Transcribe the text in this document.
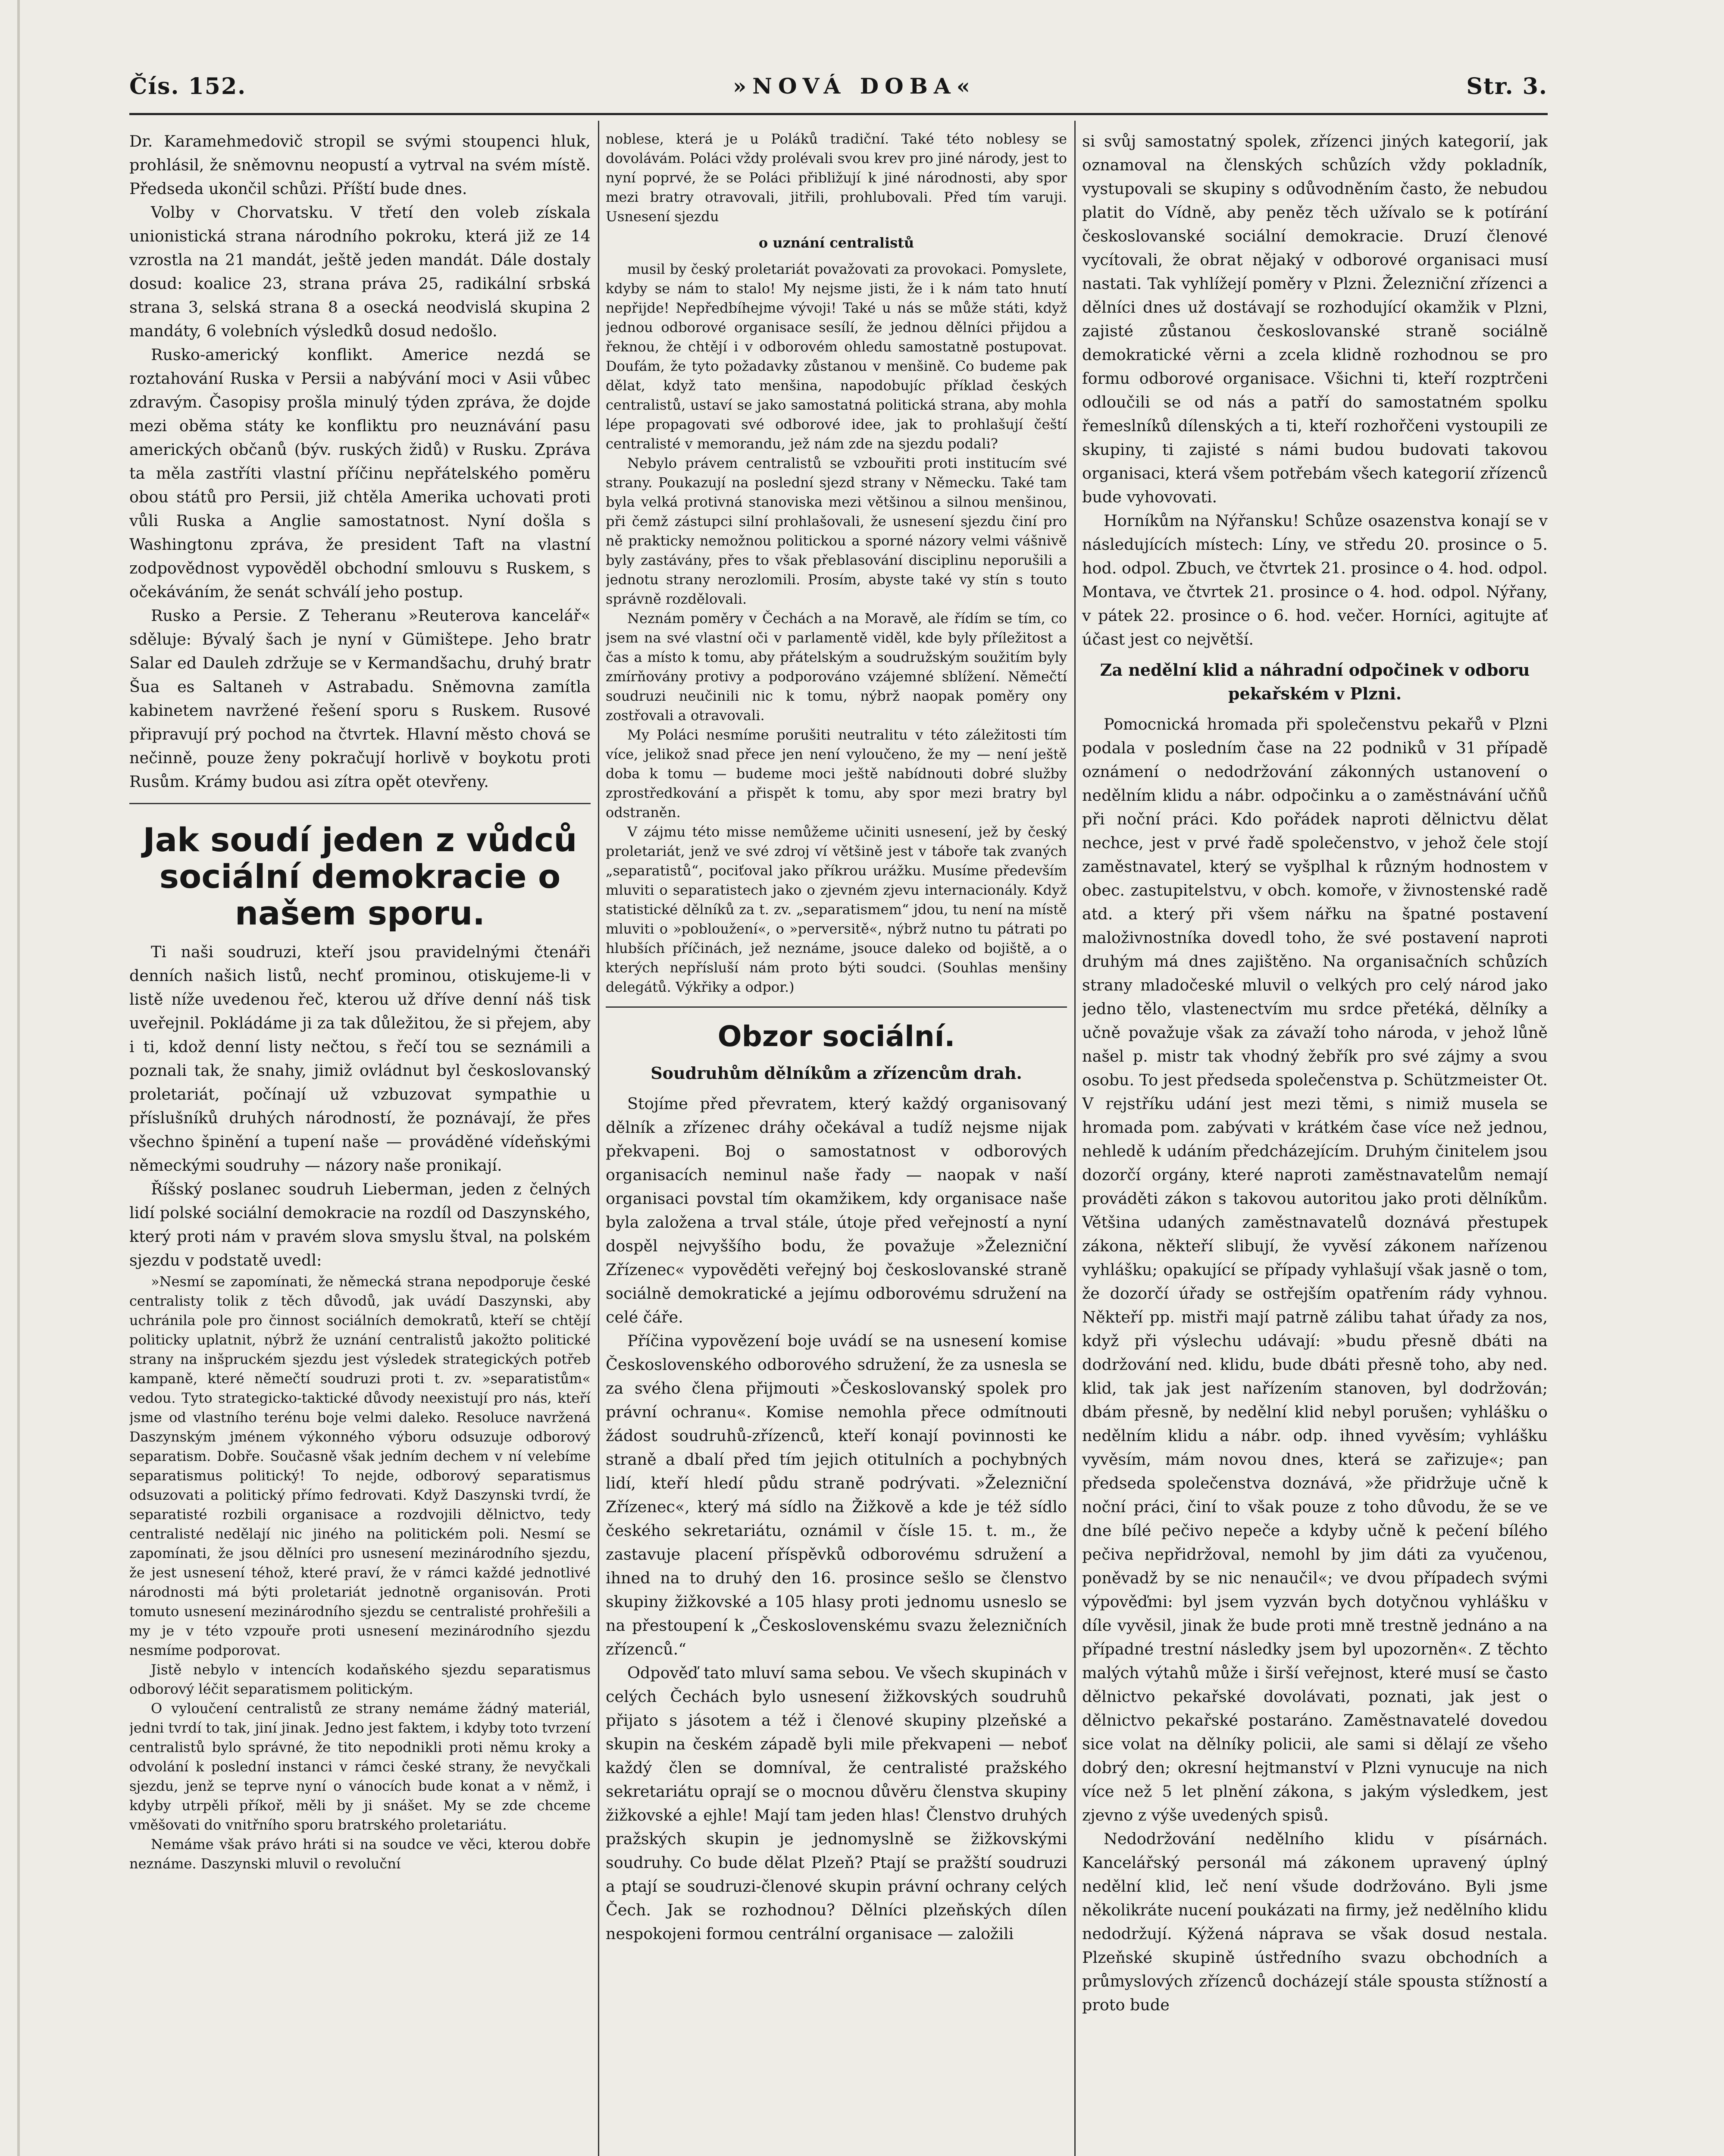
Čís. 152.	»NOVÁ DOBA«	Str. 3.

Dr. Karamehmedovič stropil se svými stoupenci hluk, prohlásil, že sněmovnu neopustí a vytrval na svém místě. Předseda ukončil schůzi. Příští bude dnes.

Volby v Chorvatsku. V třetí den voleb získala unionistická strana národního pokroku, která již ze 14 vzrostla na 21 mandát, ještě jeden mandát. Dále dostaly dosud: koalice 23, strana práva 25, radikální srbská strana 3, selská strana 8 a osecká neodvislá skupina 2 mandáty, 6 volebních výsledků dosud nedošlo.

Rusko-americký konflikt. Americe nezdá se roztahování Ruska v Persii a nabývání moci v Asii vůbec zdravým. Časopisy prošla minulý týden zpráva, že dojde mezi oběma státy ke konfliktu pro neuznávání pasu amerických občanů (býv. ruských židů) v Rusku. Zpráva ta měla zastříti vlastní příčinu nepřátelského poměru obou států pro Persii, již chtěla Amerika uchovati proti vůli Ruska a Anglie samostatnost. Nyní došla s Washingtonu zpráva, že president Taft na vlastní zodpovědnost vypověděl obchodní smlouvu s Ruskem, s očekáváním, že senát schválí jeho postup.

Rusko a Persie. Z Teheranu »Reuterova kancelář« sděluje: Bývalý šach je nyní v Gümištepe. Jeho bratr Salar ed Dauleh zdržuje se v Kermandšachu, druhý bratr Šua es Saltaneh v Astrabadu. Sněmovna zamítla kabinetem navržené řešení sporu s Ruskem. Rusové připravují prý pochod na čtvrtek. Hlavní město chová se nečinně, pouze ženy pokračují horlivě v boykotu proti Rusům. Krámy budou asi zítra opět otevřeny.

Jak soudí jeden z vůdců sociální demokracie o našem sporu.

Ti naši soudruzi, kteří jsou pravidelnými čtenáři denních našich listů, nechť prominou, otiskujeme-li v listě níže uvedenou řeč, kterou už dříve denní náš tisk uveřejnil. Pokládáme ji za tak důležitou, že si přejem, aby i ti, kdož denní listy nečtou, s řečí tou se seznámili a poznali tak, že snahy, jimiž ovládnut byl českoslovanský proletariát, počínají už vzbuzovat sympathie u příslušníků druhých národností, že poznávají, že přes všechno špinění a tupení naše — prováděné vídeňskými německými soudruhy — názory naše pronikají.

Říšský poslanec soudruh Lieberman, jeden z čelných lidí polské sociální demokracie na rozdíl od Daszynského, který proti nám v pravém slova smyslu štval, na polském sjezdu v podstatě uvedl:

»Nesmí se zapomínati, že německá strana nepodporuje české centralisty tolik z těch důvodů, jak uvádí Daszynski, aby uchránila pole pro činnost sociálních demokratů, kteří se chtějí politicky uplatnit, nýbrž že uznání centralistů jakožto politické strany na inšpruckém sjezdu jest výsledek strategických potřeb kampaně, které němečtí soudruzi proti t. zv. »separatistům« vedou. Tyto strategicko-taktické důvody neexistují pro nás, kteří jsme od vlastního terénu boje velmi daleko. Resoluce navržená Daszynským jménem výkonného výboru odsuzuje odborový separatism. Dobře. Současně však jedním dechem v ní velebíme separatismus politický! To nejde, odborový separatismus odsuzovati a politický přímo fedrovati. Když Daszynski tvrdí, že separatisté rozbili organisace a rozdvojili dělnictvo, tedy centralisté nedělají nic jiného na politickém poli. Nesmí se zapomínati, že jsou dělníci pro usnesení mezinárodního sjezdu, že jest usnesení téhož, které praví, že v rámci každé jednotlivé národnosti má býti proletariát jednotně organisován. Proti tomuto usnesení mezinárodního sjezdu se centralisté prohřešili a my je v této vzpouře proti usnesení mezinárodního sjezdu nesmíme podporovat.

Jistě nebylo v intencích kodaňského sjezdu separatismus odborový léčit separatismem politickým.

O vyloučení centralistů ze strany nemáme žádný materiál, jedni tvrdí to tak, jiní jinak. Jedno jest faktem, i kdyby toto tvrzení centralistů bylo správné, že tito nepodnikli proti němu kroky a odvolání k poslední instanci v rámci české strany, že nevyčkali sjezdu, jenž se teprve nyní o vánocích bude konat a v němž, i kdyby utrpěli příkoř, měli by ji snášet. My se zde chceme vměšovati do vnitřního sporu bratrského proletariátu.

Nemáme však právo hráti si na soudce ve věci, kterou dobře neznáme. Daszynski mluvil o revoluční

noblese, která je u Poláků tradiční. Také této noblesy se dovolávám. Poláci vždy prolévali svou krev pro jiné národy, jest to nyní poprvé, že se Poláci přibližují k jiné národnosti, aby spor mezi bratry otravovali, jitřili, prohlubovali. Před tím varuji. Usnesení sjezdu

o uznání centralistů

musil by český proletariát považovati za provokaci. Pomyslete, kdyby se nám to stalo! My nejsme jisti, že i k nám tato hnutí nepřijde! Nepředbíhejme vývoji! Také u nás se může státi, když jednou odborové organisace sesílí, že jednou dělníci přijdou a řeknou, že chtějí i v odborovém ohledu samostatně postupovat. Doufám, že tyto požadavky zůstanou v menšině. Co budeme pak dělat, když tato menšina, napodobujíc příklad českých centralistů, ustaví se jako samostatná politická strana, aby mohla lépe propagovati své odborové idee, jak to prohlašují čeští centralisté v memorandu, jež nám zde na sjezdu podali?

Nebylo právem centralistů se vzbouřiti proti institucím své strany. Poukazují na poslední sjezd strany v Německu. Také tam byla velká protivná stanoviska mezi většinou a silnou menšinou, při čemž zástupci silní prohlašovali, že usnesení sjezdu činí pro ně prakticky nemožnou politickou a sporné názory velmi vášnivě byly zastávány, přes to však přeblasování disciplinu neporušili a jednotu strany nerozlomili. Prosím, abyste také vy stín s touto správně rozdělovali.

Neznám poměry v Čechách a na Moravě, ale řídím se tím, co jsem na své vlastní oči v parlamentě viděl, kde byly příležitost a čas a místo k tomu, aby přátelským a soudružským soužitím byly zmírňovány protivy a podporováno vzájemné sblížení. Němečtí soudruzi neučinili nic k tomu, nýbrž naopak poměry ony zostřovali a otravovali.

My Poláci nesmíme porušiti neutralitu v této záležitosti tím více, jelikož snad přece jen není vyloučeno, že my — není ještě doba k tomu — budeme moci ještě nabídnouti dobré služby zprostředkování a přispět k tomu, aby spor mezi bratry byl odstraněn.

V zájmu této misse nemůžeme učiniti usnesení, jež by český proletariát, jenž ve své zdroj ví většině jest v táboře tak zvaných „separatistů“, pociťoval jako příkrou urážku. Musíme především mluviti o separatistech jako o zjevném zjevu internacionály. Když statistické dělníků za t. zv. „separatismem“ jdou, tu není na místě mluviti o »pobloužení«, o »perversitě«, nýbrž nutno tu pátrati po hlubších příčinách, jež neznáme, jsouce daleko od bojiště, a o kterých nepřísluší nám proto býti soudci. (Souhlas menšiny delegátů. Výkřiky a odpor.)

Obzor sociální.
Soudruhům dělníkům a zřízencům drah.

Stojíme před převratem, který každý organisovaný dělník a zřízenec dráhy očekával a tudíž nejsme nijak překvapeni. Boj o samostatnost v odborových organisacích neminul naše řady — naopak v naší organisaci povstal tím okamžikem, kdy organisace naše byla založena a trval stále, útoje před veřejností a nyní dospěl nejvyššího bodu, že považuje »Železniční Zřízenec« vypověděti veřejný boj českoslovanské straně sociálně demokratické a jejímu odborovému sdružení na celé čáře.

Příčina vypovězení boje uvádí se na usnesení komise Československého odborového sdružení, že za usnesla se za svého člena přijmouti »Českoslovanský spolek pro právní ochranu«. Komise nemohla přece odmítnouti žádost soudruhů-zřízenců, kteří konají povinnosti ke straně a dbalí před tím jejich otitulních a pochybných lidí, kteří hledí půdu straně podrývati. »Železniční Zřízenec«, který má sídlo na Žižkově a kde je též sídlo českého sekretariátu, oznámil v čísle 15. t. m., že zastavuje placení příspěvků odborovému sdružení a ihned na to druhý den 16. prosince sešlo se členstvo skupiny žižkovské a 105 hlasy proti jednomu usneslo se na přestoupení k „Československému svazu železničních zřízenců.“

Odpověď tato mluví sama sebou. Ve všech skupinách v celých Čechách bylo usnesení žižkovských soudruhů přijato s jásotem a též i členové skupiny plzeňské a skupin na českém západě byli mile překvapeni — neboť každý člen se domníval, že centralisté pražského sekretariátu oprají se o mocnou důvěru členstva skupiny žižkovské a ejhle! Mají tam jeden hlas! Členstvo druhých pražských skupin je jednomyslně se žižkovskými soudruhy. Co bude dělat Plzeň? Ptají se pražští soudruzi a ptají se soudruzi-členové skupin právní ochrany celých Čech. Jak se rozhodnou? Dělníci plzeňských dílen nespokojeni formou centrální organisace — založili

si svůj samostatný spolek, zřízenci jiných kategorií, jak oznamoval na členských schůzích vždy pokladník, vystupovali se skupiny s odůvodněním často, že nebudou platit do Vídně, aby peněz těch užívalo se k potírání českoslovanské sociální demokracie. Druzí členové vycítovali, že obrat nějaký v odborové organisaci musí nastati. Tak vyhlížejí poměry v Plzni. Železniční zřízenci a dělníci dnes už dostávají se rozhodující okamžik v Plzni, zajisté zůstanou českoslovanské straně sociálně demokratické věrni a zcela klidně rozhodnou se pro formu odborové organisace. Všichni ti, kteří rozptrčeni odloučili se od nás a patří do samostatném spolku řemeslníků dílenských a ti, kteří rozhořčeni vystoupili ze skupiny, ti zajisté s námi budou budovati takovou organisaci, která všem potřebám všech kategorií zřízenců bude vyhovovati.

Horníkům na Nýřansku! Schůze osazenstva konají se v následujících místech: Líny, ve středu 20. prosince o 5. hod. odpol. Zbuch, ve čtvrtek 21. prosince o 4. hod. odpol. Montava, ve čtvrtek 21. prosince o 4. hod. odpol. Nýřany, v pátek 22. prosince o 6. hod. večer. Horníci, agitujte ať účast jest co největší.

Za nedělní klid a náhradní odpočinek v odboru pekařském v Plzni.

Pomocnická hromada při společenstvu pekařů v Plzni podala v posledním čase na 22 podniků v 31 případě oznámení o nedodržování zákonných ustanovení o nedělním klidu a nábr. odpočinku a o zaměstnávání učňů při noční práci. Kdo pořádek naproti dělnictvu dělat nechce, jest v prvé řadě společenstvo, v jehož čele stojí zaměstnavatel, který se vyšplhal k různým hodnostem v obec. zastupitelstvu, v obch. komoře, v živnostenské radě atd. a který při všem nářku na špatné postavení maloživnostníka dovedl toho, že své postavení naproti druhým má dnes zajištěno. Na organisačních schůzích strany mladočeské mluvil o velkých pro celý národ jako jedno tělo, vlastenectvím mu srdce přetéká, dělníky a učně považuje však za závaží toho národa, v jehož lůně našel p. mistr tak vhodný žebřík pro své zájmy a svou osobu. To jest předseda společenstva p. Schützmeister Ot. V rejstříku udání jest mezi těmi, s nimiž musela se hromada pom. zabývati v krátkém čase více než jednou, nehledě k udáním předcházejícím. Druhým činitelem jsou dozorčí orgány, které naproti zaměstnavatelům nemají prováděti zákon s takovou autoritou jako proti dělníkům. Většina udaných zaměstnavatelů doznává přestupek zákona, někteří slibují, že vyvěsí zákonem nařízenou vyhlášku; opakující se případy vyhlašují však jasně o tom, že dozorčí úřady se ostřejším opatřením rády vyhnou. Někteří pp. mistři mají patrně zálibu tahat úřady za nos, když při výslechu udávají: »budu přesně dbáti na dodržování ned. klidu, bude dbáti přesně toho, aby ned. klid, tak jak jest nařízením stanoven, byl dodržován; dbám přesně, by nedělní klid nebyl porušen; vyhlášku o nedělním klidu a nábr. odp. ihned vyvěsím; vyhlášku vyvěsím, mám novou dnes, která se zařizuje«; pan předseda společenstva doznává, »že přidržuje učně k noční práci, činí to však pouze z toho důvodu, že se ve dne bílé pečivo nepeče a kdyby učně k pečení bílého pečiva nepřidržoval, nemohl by jim dáti za vyučenou, poněvadž by se nic nenaučil«; ve dvou případech svými výpověďmi: byl jsem vyzván bych dotyčnou vyhlášku v díle vyvěsil, jinak že bude proti mně trestně jednáno a na případné trestní následky jsem byl upozorněn«. Z těchto malých výtahů může i širší veřejnost, které musí se často dělnictvo pekařské dovolávati, poznati, jak jest o dělnictvo pekařské postaráno. Zaměstnavatelé dovedou sice volat na dělníky policii, ale sami si dělají ze všeho dobrý den; okresní hejtmanství v Plzni vynucuje na nich více než 5 let plnění zákona, s jakým výsledkem, jest zjevno z výše uvedených spisů.

Nedodržování nedělního klidu v písárnách. Kancelářský personál má zákonem upravený úplný nedělní klid, leč není všude dodržováno. Byli jsme několikráte nucení poukázati na firmy, jež nedělního klidu nedodržují. Kýžená náprava se však dosud nestala. Plzeňské skupině ústředního svazu obchodních a průmyslových zřízenců docházejí stále spousta stížností a proto bude
